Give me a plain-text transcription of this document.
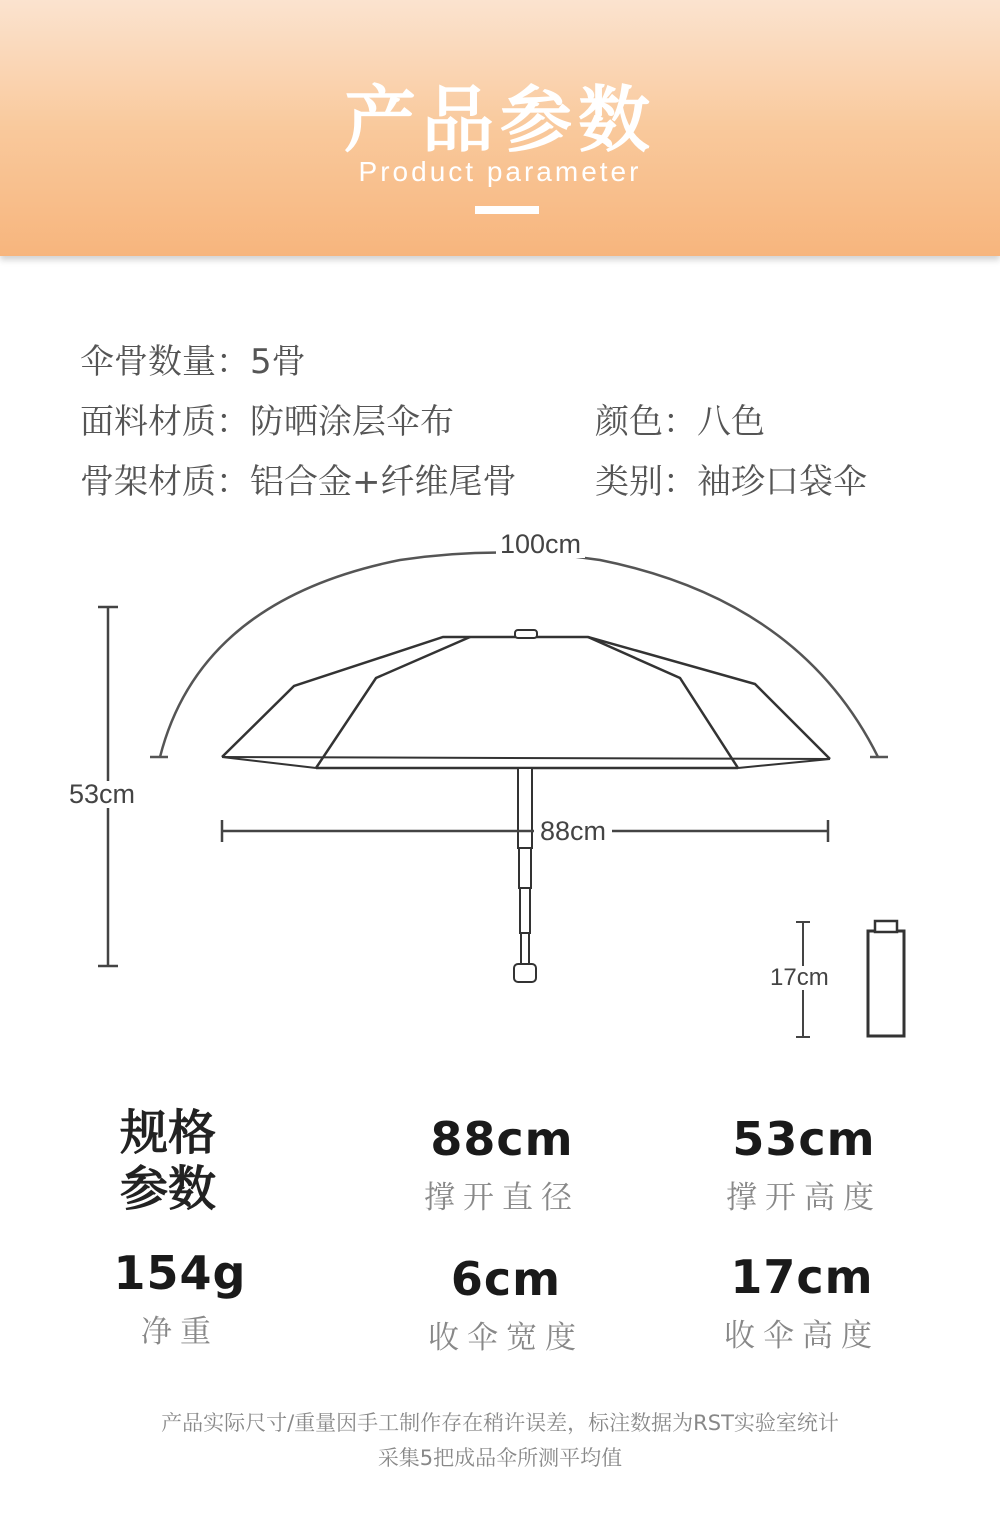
产品参数
Product parameter
伞骨数量：5骨
面料材质：防晒涂层伞布	颜色：八色
骨架材质：铝合金+纤维尾骨 类别：袖珍口袋伞
100cm
53cm
88cm
17cm
规格参数
88cm
撑开直径
53cm
撑开高度
154g
净重
6cm
收伞宽度
17cm
收伞高度
产品实际尺寸/重量因手工制作存在稍许误差，标注数据为RST实验室统计
采集5把成品伞所测平均值
